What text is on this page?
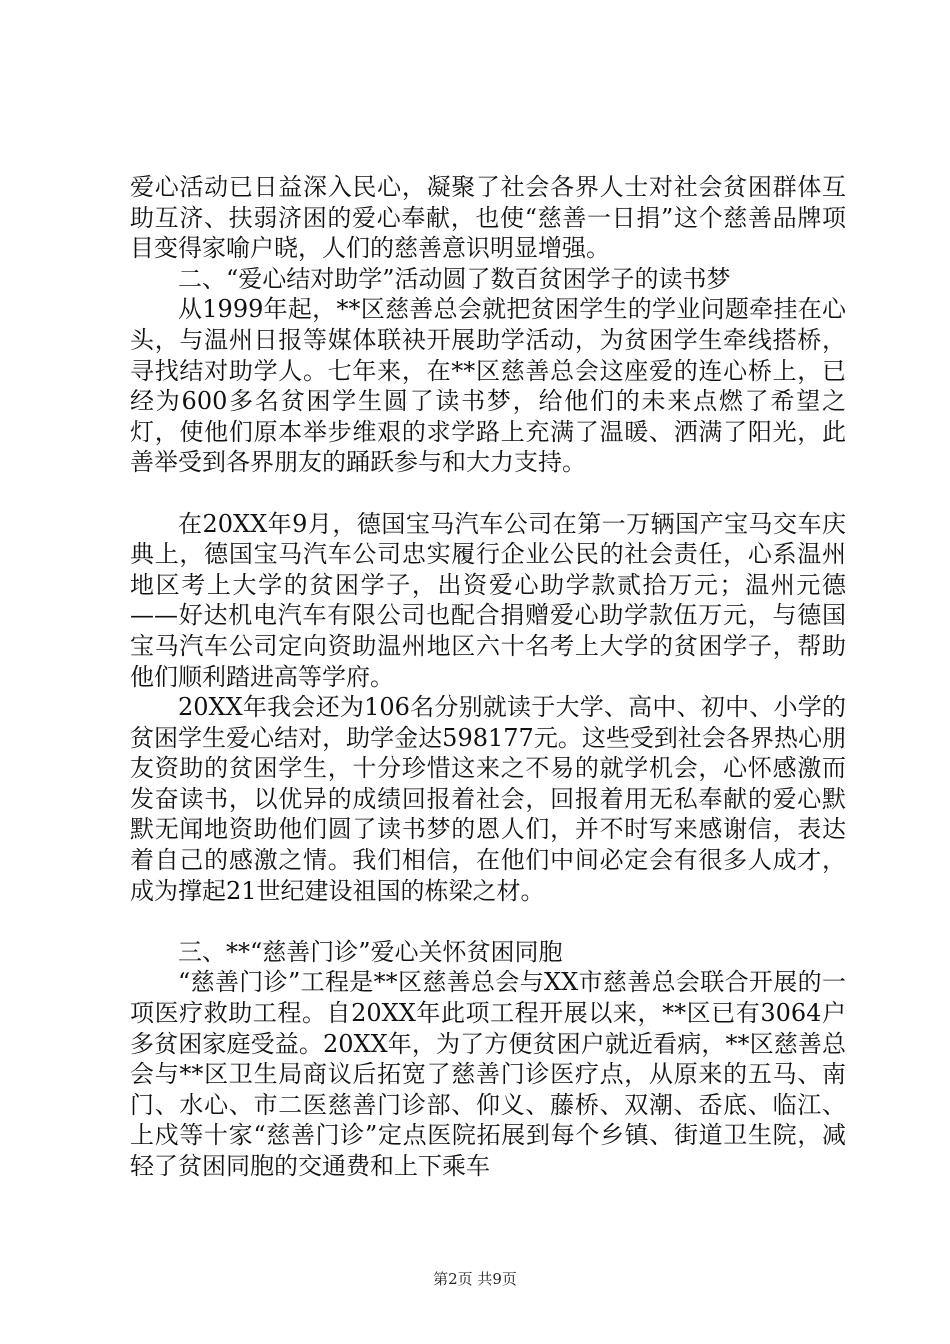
爱心活动已日益深入民心，凝聚了社会各界人士对社会贫困群体互助互济、扶弱济困的爱心奉献，也使“慈善一日捐”这个慈善品牌项目变得家喻户晓，人们的慈善意识明显增强。

二、“爱心结对助学”活动圆了数百贫困学子的读书梦

从1999年起，**区慈善总会就把贫困学生的学业问题牵挂在心头，与温州日报等媒体联袂开展助学活动，为贫困学生牵线搭桥，寻找结对助学人。七年来，在**区慈善总会这座爱的连心桥上，已经为600多名贫困学生圆了读书梦，给他们的未来点燃了希望之灯，使他们原本举步维艰的求学路上充满了温暖、洒满了阳光，此善举受到各界朋友的踊跃参与和大力支持。

在20XX年9月，德国宝马汽车公司在第一万辆国产宝马交车庆典上，德国宝马汽车公司忠实履行企业公民的社会责任，心系温州地区考上大学的贫困学子，出资爱心助学款贰拾万元；温州元德——好达机电汽车有限公司也配合捐赠爱心助学款伍万元，与德国宝马汽车公司定向资助温州地区六十名考上大学的贫困学子，帮助他们顺利踏进高等学府。

20XX年我会还为106名分别就读于大学、高中、初中、小学的贫困学生爱心结对，助学金达598177元。这些受到社会各界热心朋友资助的贫困学生，十分珍惜这来之不易的就学机会，心怀感激而发奋读书，以优异的成绩回报着社会，回报着用无私奉献的爱心默默无闻地资助他们圆了读书梦的恩人们，并不时写来感谢信，表达着自己的感激之情。我们相信，在他们中间必定会有很多人成才，成为撑起21世纪建设祖国的栋梁之材。

三、**“慈善门诊”爱心关怀贫困同胞

“慈善门诊”工程是**区慈善总会与XX市慈善总会联合开展的一项医疗救助工程。自20XX年此项工程开展以来，**区已有3064户多贫困家庭受益。20XX年，为了方便贫困户就近看病，**区慈善总会与**区卫生局商议后拓宽了慈善门诊医疗点，从原来的五马、南门、水心、市二医慈善门诊部、仰义、藤桥、双潮、岙底、临江、上戍等十家“慈善门诊”定点医院拓展到每个乡镇、街道卫生院，减轻了贫困同胞的交通费和上下乘车

第2页 共9页
